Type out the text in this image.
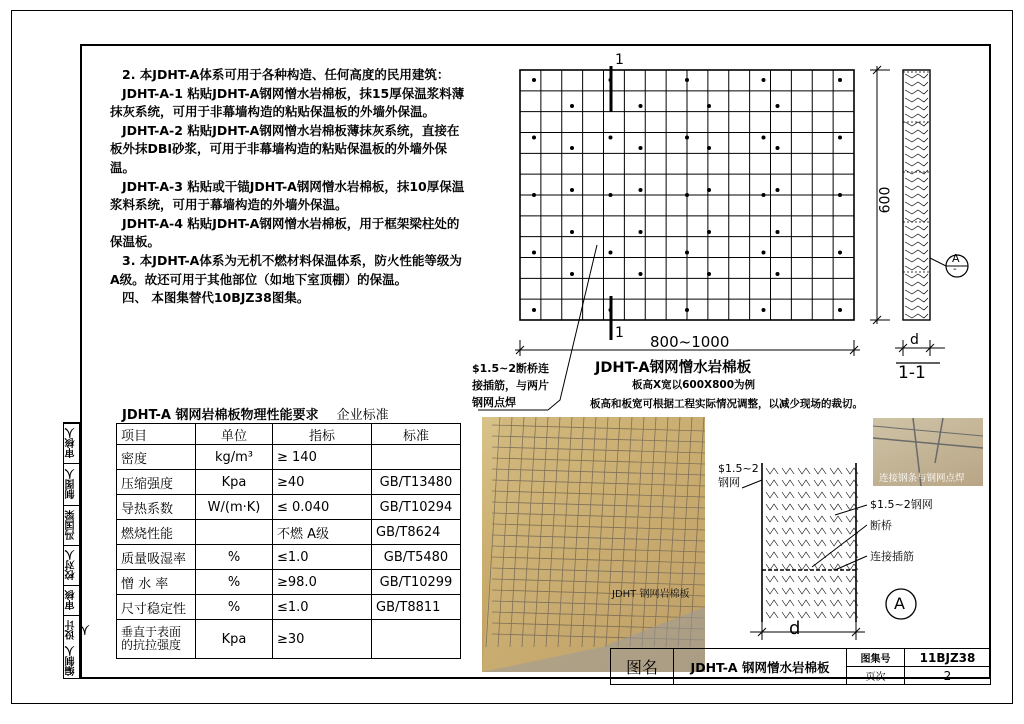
审核人
制图人
冯国梁
校对人
审核
设计人
编制人

2. 本JDHT-A体系可用于各种构造、任何高度的民用建筑：

JDHT-A-1 粘贴JDHT-A钢网憎水岩棉板，抹15厚保温浆料薄抹灰系统，可用于非幕墙构造的粘贴保温板的外墙外保温。

JDHT-A-2 粘贴JDHT-A钢网憎水岩棉板薄抹灰系统，直接在板外抹DBI砂浆，可用于非幕墙构造的粘贴保温板的外墙外保温。

JDHT-A-3 粘贴或干锚JDHT-A钢网憎水岩棉板，抹10厚保温浆料系统，可用于幕墙构造的外墙外保温。

JDHT-A-4 粘贴JDHT-A钢网憎水岩棉板，用于框架梁柱处的保温板。

3. 本JDHT-A体系为无机不燃材料保温体系，防火性能等级为A级。故还可用于其他部位（如地下室顶棚）的保温。

四、 本图集替代10BJZ38图集。

JDHT-A 钢网岩棉板物理性能要求 企业标准
项目	单位	指标	标准
密度	kg/m³	≥ 140	
压缩强度	Kpa	≥40	GB/T13480
导热系数	W/(m·K)	≤ 0.040	GB/T10294
燃烧性能		不燃 A级	GB/T8624
质量吸湿率	%	≤1.0	GB/T5480
憎 水 率	%	≥98.0	GB/T10299
尺寸稳定性	%	≤1.0	GB/T8811
垂直于表面的抗拉强度	Kpa	≥30	
1
1 800~1000
600
JDHT-A钢网憎水岩棉板
板高X宽以600X800为例
板高和板宽可根据工程实际情况调整，以减少现场的裁切。
$1.5~2断桥连接插筋，与两片钢网点焊
1-1
d
A
-
JDHT 钢网岩棉板
连接钢条与钢网点焊
$1.5~2钢网
$1.5~2钢网
断桥
连接插筋
d
A
图名	JDHT-A 钢网憎水岩棉板	图集号	11BJZ38
		页次	2
